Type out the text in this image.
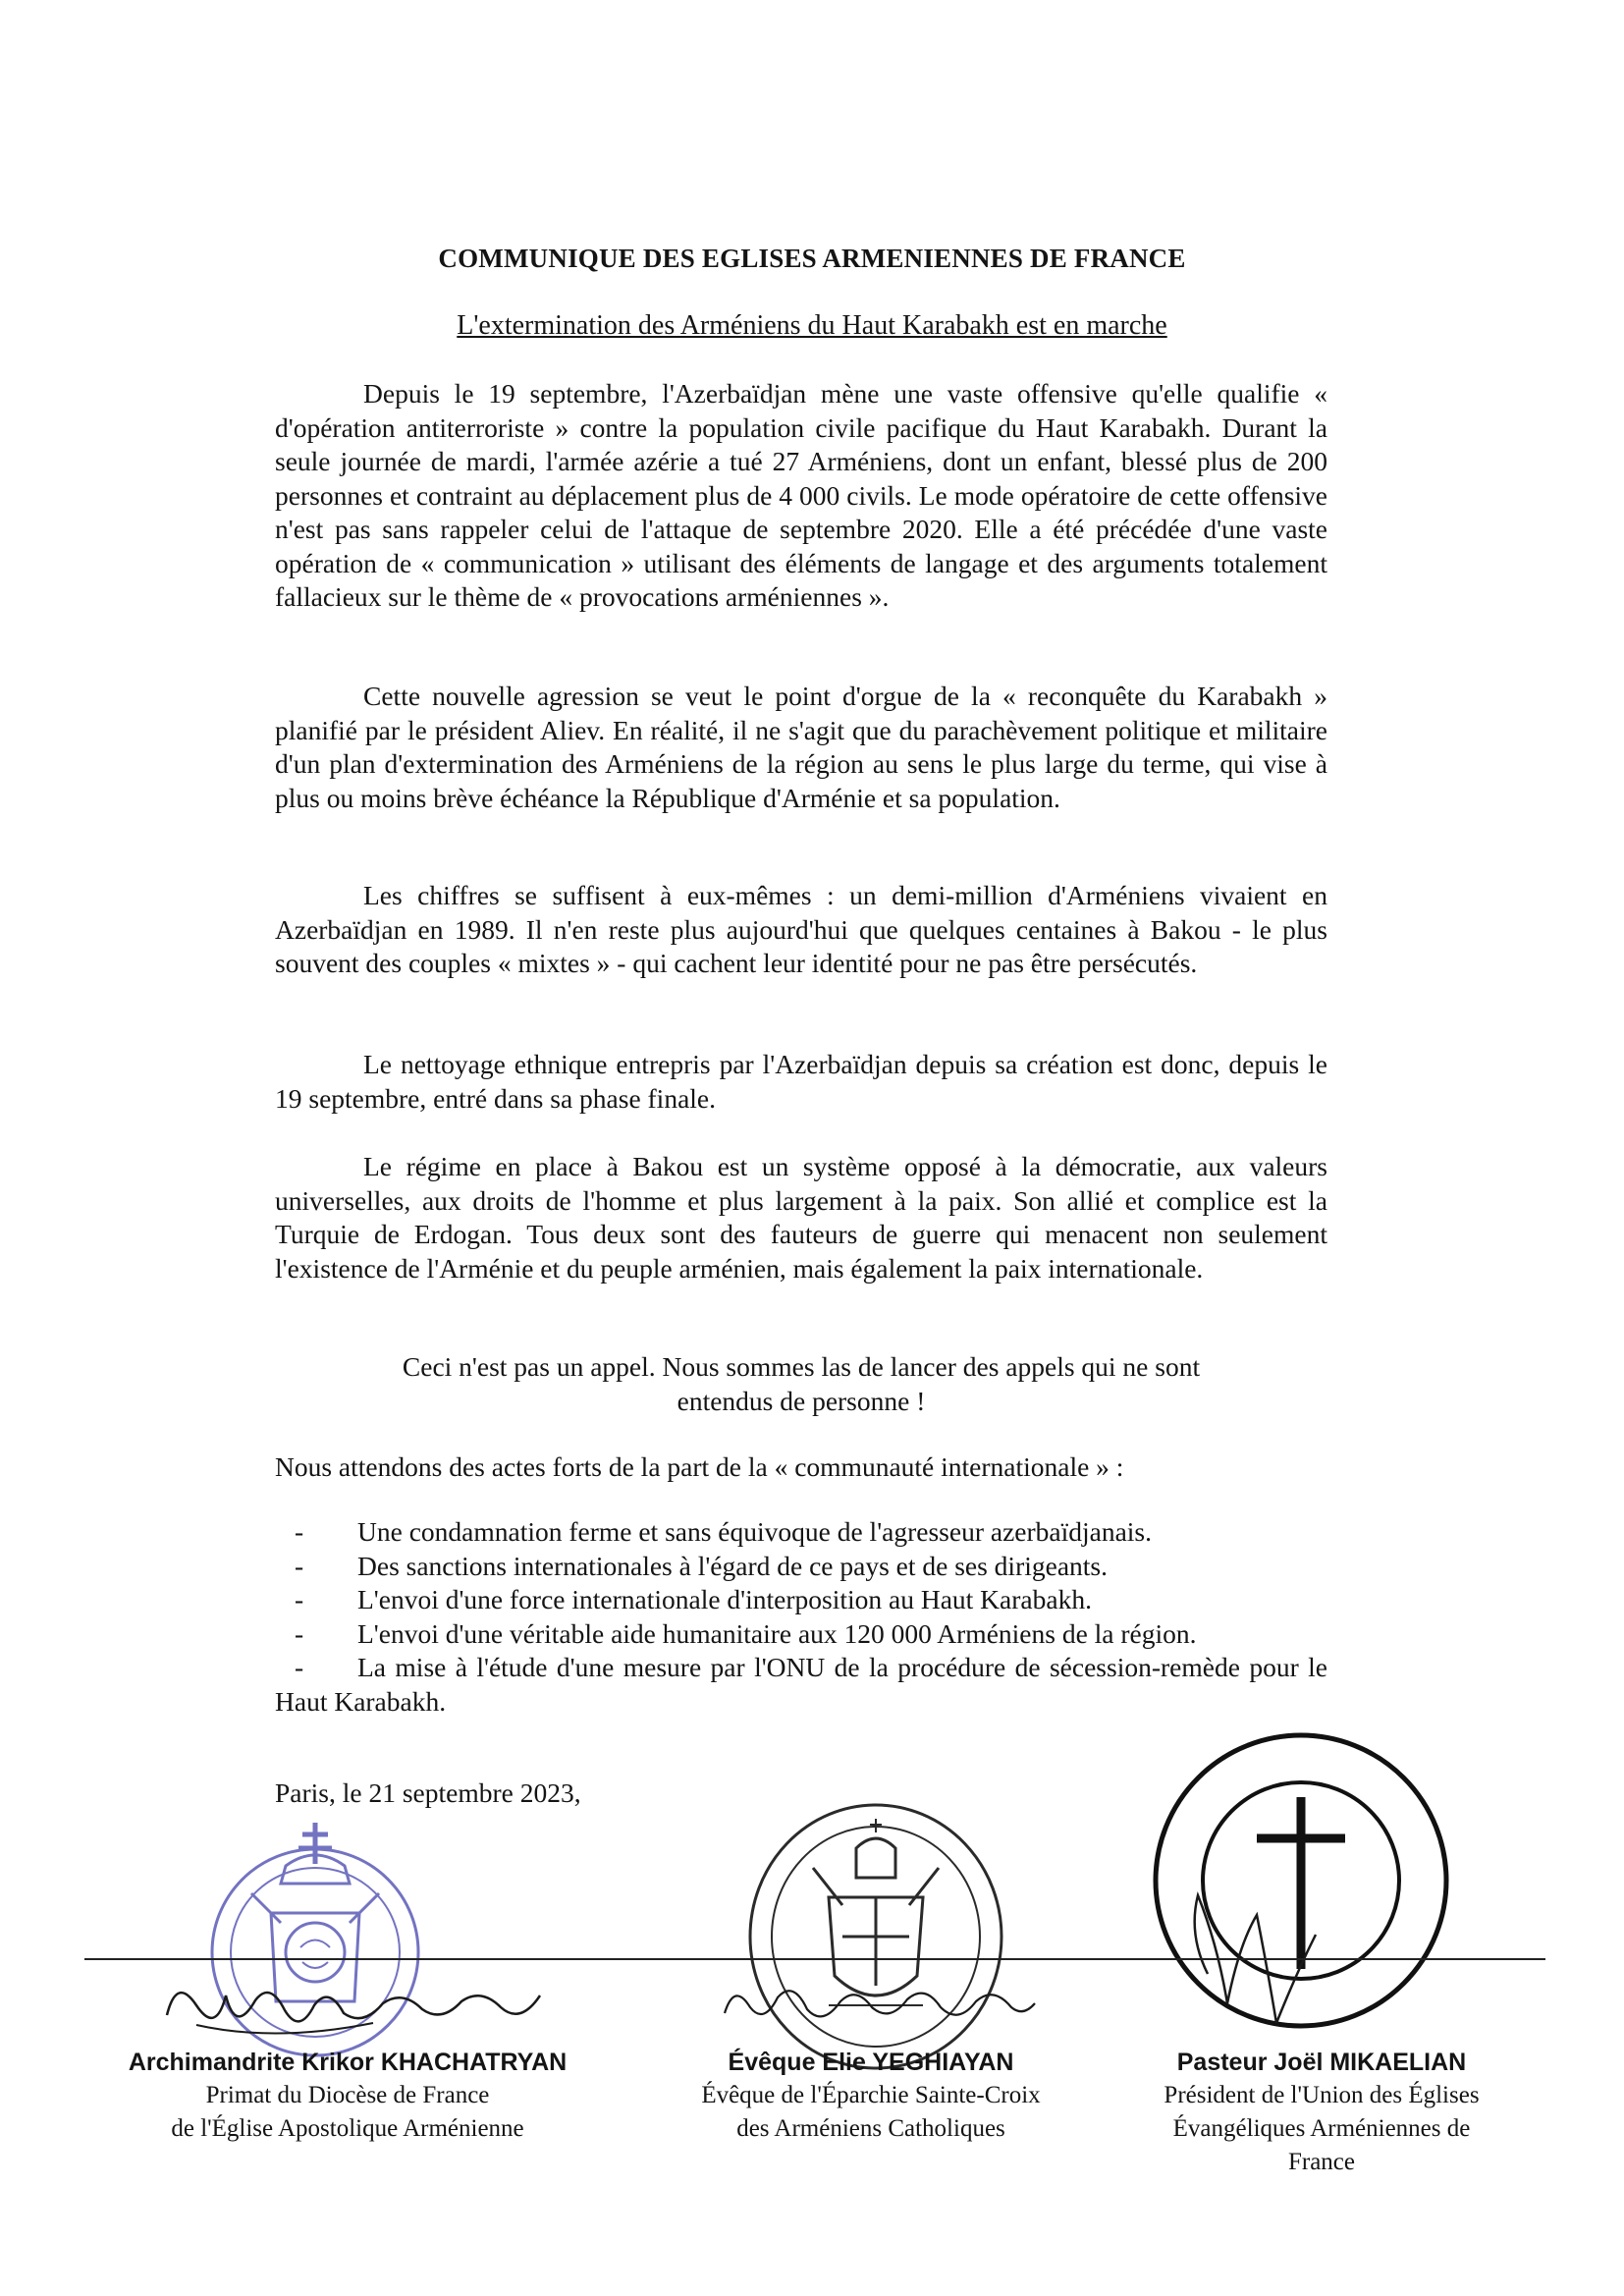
COMMUNIQUE DES EGLISES ARMENIENNES DE FRANCE
L'extermination des Arméniens du Haut Karabakh est en marche

Depuis le 19 septembre, l'Azerbaïdjan mène une vaste offensive qu'elle qualifie « d'opération antiterroriste » contre la population civile pacifique du Haut Karabakh. Durant la seule journée de mardi, l'armée azérie a tué 27 Arméniens, dont un enfant, blessé plus de 200 personnes et contraint au déplacement plus de 4 000 civils. Le mode opératoire de cette offensive n'est pas sans rappeler celui de l'attaque de septembre 2020. Elle a été précédée d'une vaste opération de « communication » utilisant des éléments de langage et des arguments totalement fallacieux sur le thème de « provocations arméniennes ».

Cette nouvelle agression se veut le point d'orgue de la « reconquête du Karabakh » planifié par le président Aliev. En réalité, il ne s'agit que du parachèvement politique et militaire d'un plan d'extermination des Arméniens de la région au sens le plus large du terme, qui vise à plus ou moins brève échéance la République d'Arménie et sa population.

Les chiffres se suffisent à eux-mêmes : un demi-million d'Arméniens vivaient en Azerbaïdjan en 1989. Il n'en reste plus aujourd'hui que quelques centaines à Bakou - le plus souvent des couples « mixtes » - qui cachent leur identité pour ne pas être persécutés.

Le nettoyage ethnique entrepris par l'Azerbaïdjan depuis sa création est donc, depuis le 19 septembre, entré dans sa phase finale.

Le régime en place à Bakou est un système opposé à la démocratie, aux valeurs universelles, aux droits de l'homme et plus largement à la paix. Son allié et complice est la Turquie de Erdogan. Tous deux sont des fauteurs de guerre qui menacent non seulement l'existence de l'Arménie et du peuple arménien, mais également la paix internationale.

Ceci n'est pas un appel. Nous sommes las de lancer des appels qui ne sont
entendus de personne !

Nous attendons des actes forts de la part de la « communauté internationale » :

- Une condamnation ferme et sans équivoque de l'agresseur azerbaïdjanais.
- Des sanctions internationales à l'égard de ce pays et de ses dirigeants.
- L'envoi d'une force internationale d'interposition au Haut Karabakh.
- L'envoi d'une véritable aide humanitaire aux 120 000 Arméniens de la région.
- La mise à l'étude d'une mesure par l'ONU de la procédure de sécession-remède pour le Haut Karabakh.
Paris, le 21 septembre 2023,
Archimandrite Krikor KHACHATRYAN
Primat du Diocèse de France
de l'Église Apostolique Arménienne
Évêque Elie YEGHIAYAN
Évêque de l'Éparchie Sainte-Croix
des Arméniens Catholiques
Pasteur Joël MIKAELIAN
Président de l'Union des Églises
Évangéliques Arméniennes de
France
